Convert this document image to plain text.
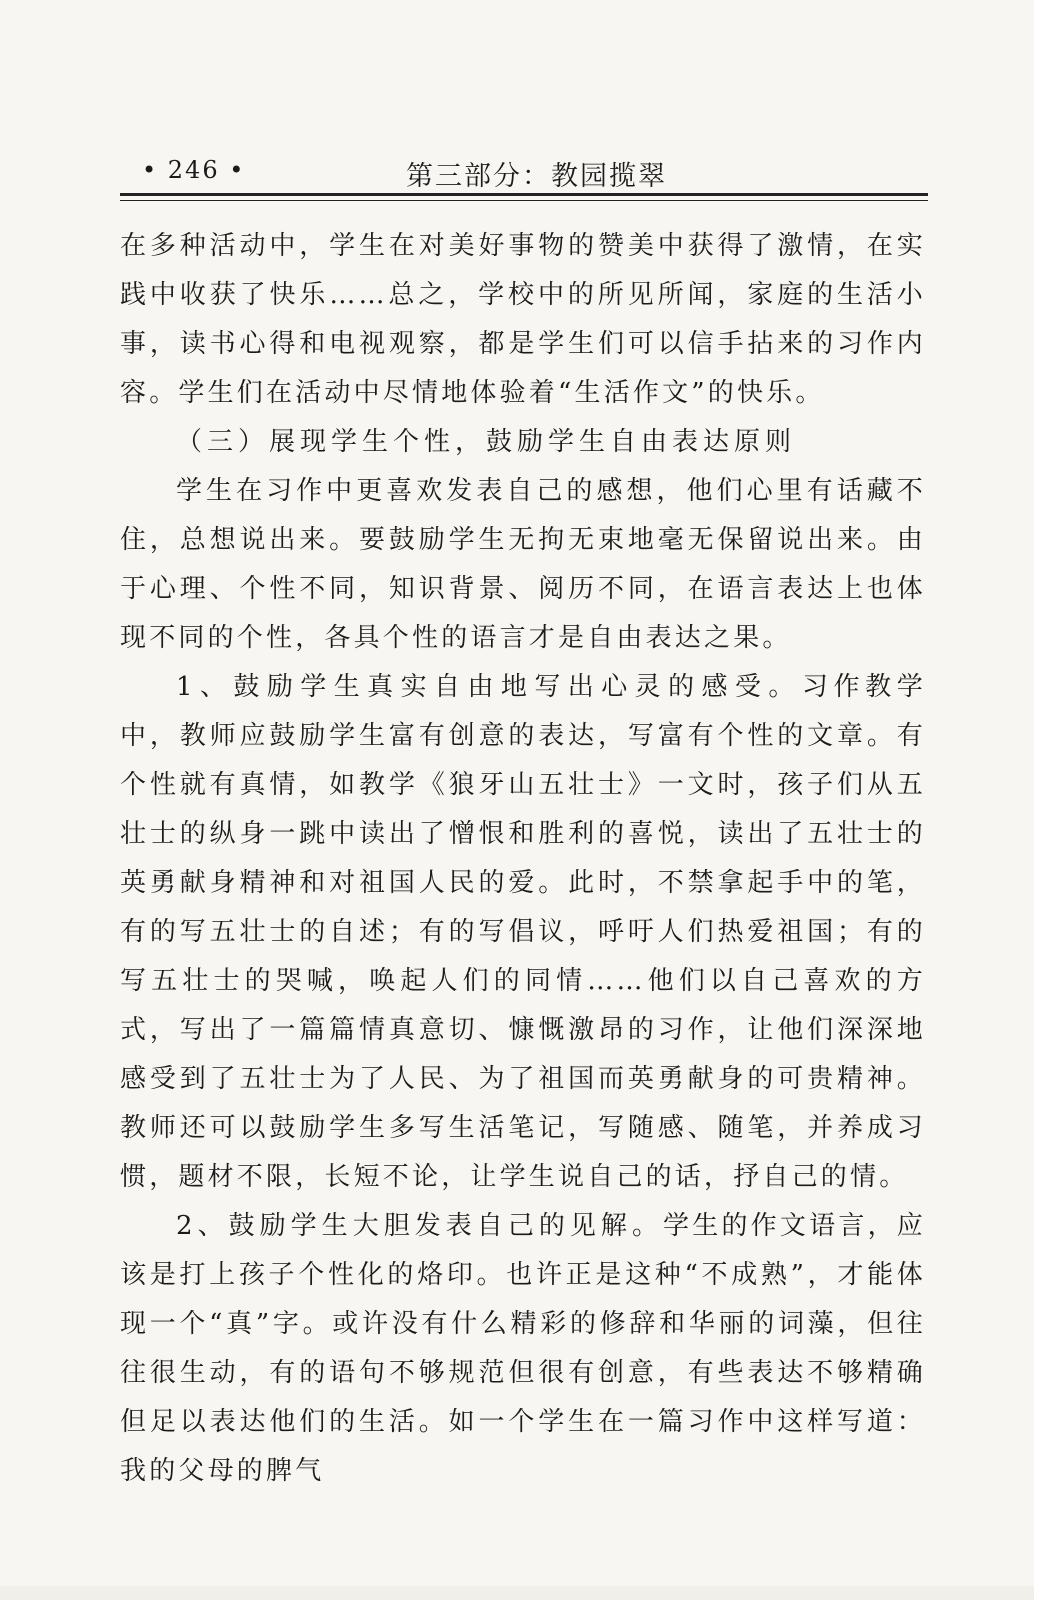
• 246 •	第三部分：教园揽翠

在多种活动中，学生在对美好事物的赞美中获得了激情，在实践中收获了快乐……总之，学校中的所见所闻，家庭的生活小事，读书心得和电视观察，都是学生们可以信手拈来的习作内容。学生们在活动中尽情地体验着“生活作文”的快乐。

（三）展现学生个性，鼓励学生自由表达原则

学生在习作中更喜欢发表自己的感想，他们心里有话藏不住，总想说出来。要鼓励学生无拘无束地毫无保留说出来。由于心理、个性不同，知识背景、阅历不同，在语言表达上也体现不同的个性，各具个性的语言才是自由表达之果。

1、鼓励学生真实自由地写出心灵的感受。习作教学中，教师应鼓励学生富有创意的表达，写富有个性的文章。有个性就有真情，如教学《狼牙山五壮士》一文时，孩子们从五壮士的纵身一跳中读出了憎恨和胜利的喜悦，读出了五壮士的英勇献身精神和对祖国人民的爱。此时，不禁拿起手中的笔，有的写五壮士的自述；有的写倡议，呼吁人们热爱祖国；有的写五壮士的哭喊，唤起人们的同情……他们以自己喜欢的方式，写出了一篇篇情真意切、慷慨激昂的习作，让他们深深地感受到了五壮士为了人民、为了祖国而英勇献身的可贵精神。教师还可以鼓励学生多写生活笔记，写随感、随笔，并养成习惯，题材不限，长短不论，让学生说自己的话，抒自己的情。

2、鼓励学生大胆发表自己的见解。学生的作文语言，应该是打上孩子个性化的烙印。也许正是这种“不成熟”，才能体现一个“真”字。或许没有什么精彩的修辞和华丽的词藻，但往往很生动，有的语句不够规范但很有创意，有些表达不够精确但足以表达他们的生活。如一个学生在一篇习作中这样写道：我的父母的脾气
